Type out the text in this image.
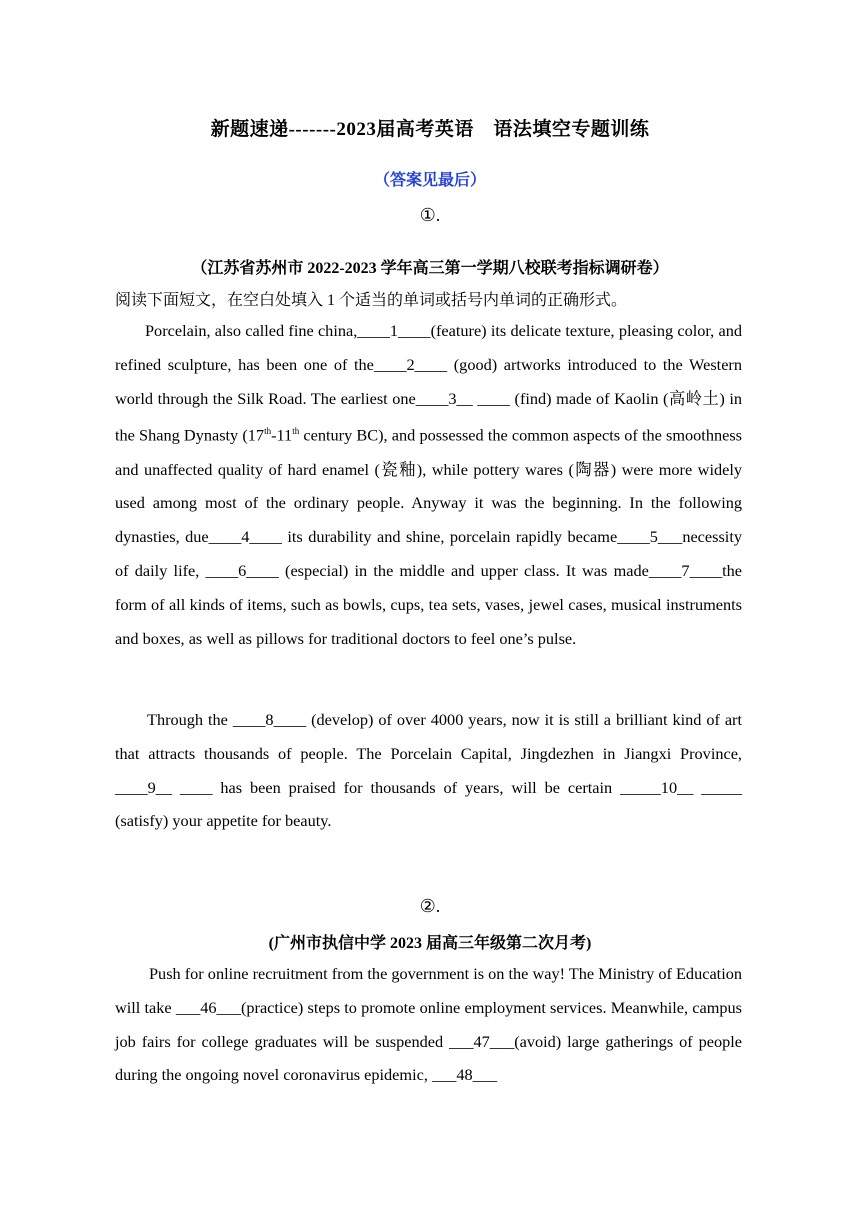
新题速递-------2023届高考英语　语法填空专题训练
（答案见最后）
①.
（江苏省苏州市 2022-2023 学年高三第一学期八校联考指标调研卷）
阅读下面短文，在空白处填入 1 个适当的单词或括号内单词的正确形式。

Porcelain, also called fine china,____1____(feature) its delicate texture, pleasing color, and refined sculpture, has been one of the____2____ (good) artworks introduced to the Western world through the Silk Road. The earliest one____3__ ____ (find) made of Kaolin (高岭土) in the Shang Dynasty (17th-11th century BC), and possessed the common aspects of the smoothness and unaffected quality of hard enamel (瓷釉), while pottery wares (陶器) were more widely used among most of the ordinary people. Anyway it was the beginning. In the following dynasties, due____4____ its durability and shine, porcelain rapidly became____5___necessity of daily life, ____6____ (especial) in the middle and upper class. It was made____7____the form of all kinds of items, such as bowls, cups, tea sets, vases, jewel cases, musical instruments and boxes, as well as pillows for traditional doctors to feel one’s pulse.

Through the ____8____ (develop) of over 4000 years, now it is still a brilliant kind of art that attracts thousands of people. The Porcelain Capital, Jingdezhen in Jiangxi Province, ____9__ ____ has been praised for thousands of years, will be certain _____10__ _____ (satisfy) your appetite for beauty.

②.
(广州市执信中学 2023 届高三年级第二次月考)

Push for online recruitment from the government is on the way! The Ministry of Education will take ___46___(practice) steps to promote online employment services. Meanwhile, campus job fairs for college graduates will be suspended ___47___(avoid) large gatherings of people during the ongoing novel coronavirus epidemic, ___48___
